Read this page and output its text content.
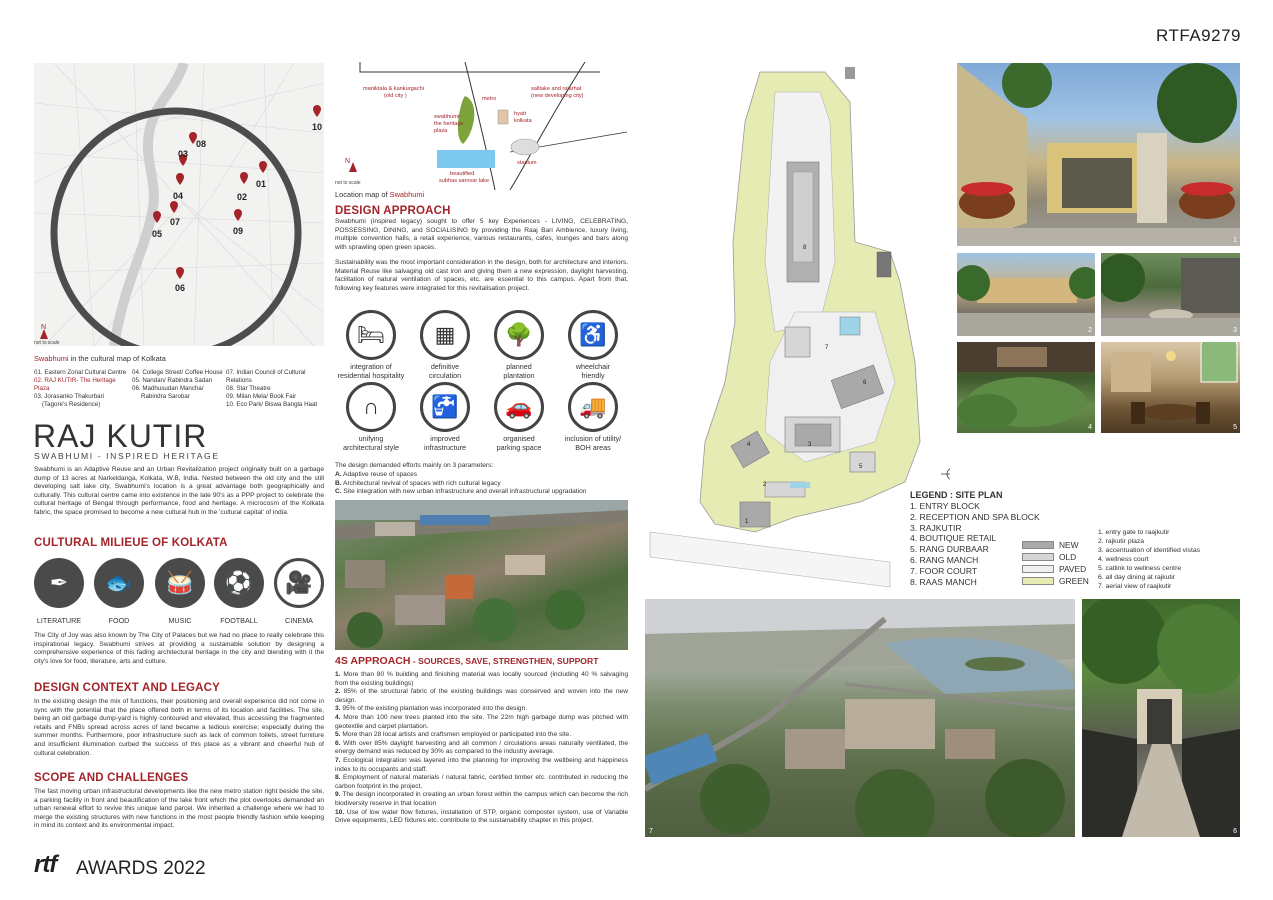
RTFA9279
10
08
03
01
04	02
07
09
05
06
N
not to scale
Swabhumi in the cultural map of Kolkata
01. Eastern Zonal Cultural Centre
02. RAJ KUTIR- The Heritage Plaza
03. Jorasanko Thakurbari
(Tagore's Residence)
04. College Street/ Coffee House
05. Nandan/ Rabindra Sadan
06. Madhusudan Mancha/
Rabindra Sarobar
07. Indian Council of Cultural Relations
08. Star Theatre
09. Milan Mela/ Book Fair
10. Eco Park/ Biswa Bangla Haat
RAJ KUTIR
SWABHUMI - INSPIRED HERITAGE
Swabhumi is an Adaptive Reuse and an Urban Revitalization project originally built on a garbage dump of 13 acres at Narkeldanga, Kolkata, W.B, India. Nested between the old city and the still developing salt lake city, Swabhumi's location is a great advantage both geographically and culturally. This cultural centre came into existence in the late 90's as a PPP project to celebrate the cultural heritage of Bengal through performance, food and heritage. A microcosm of the Kolkata fabric, the space promised to become a new cultural hub in the 'cultural capital' of india.
CULTURAL MILIEUE OF KOLKATA
✒	🐟	🥁	⚽	🎥
LITERATURE	FOOD	MUSIC	FOOTBALL	CINEMA
The City of Joy was also known by The City of Palaces but we had no place to really celebrate this inspirational legacy. Swabhumi strives at providing a sustainable solution by designing a comprehensive experience of this fading architectural heritage in the city and blending with it the city's love for food, literature, arts and culture.
DESIGN CONTEXT AND LEGACY
In the existing design the mix of functions, their positioning and overall experience did not come in sync with the potential that the place offered both in terms of its location and facilities. The site, being an old garbage dump-yard is highly contoured and elevated, thus accessing the fragmented retails and FNBs spread across acres of land became a tedious exercise; especially during the summer months. Furthermore, poor infrastructure such as lack of common toilets, street furniture and insufficient illumination curbed the success of this place as a vibrant and cheerful hub of cultural celebration.
SCOPE AND CHALLENGES
The fast moving urban infrastructural developments like the new metro station right beside the site, a parking facility in front and beautification of the lake front which the plot overlooks demanded an urban renewal effort to revive this unique land parcel. We inherited a challenge where we had to merge the existing structures with new functions in the most people friendly fashion while keeping in mind its context and its environmental impact.
rtf AWARDS 2022
maniktala & kankurgachi
(old city )
saltlake and rajarhat
(new developing city)
metro
hyatt
kolkata
swabhumi-
the heritage
plaza
stadium
beautified
subhas sarovar lake
N
not to scale
Location map of Swabhumi
DESIGN APPROACH
Swabhumi (inspired legacy) sought to offer 5 key Experiences - LIVING, CELEBRATING, POSSESSING, DINING, and SOCIALISING by providing the Raaj Bari Ambience, luxury living, multiple convention halls, a retail experience, various restaurants, cafes, lounges and bars along with sprawling open green spaces.
Sustainability was the most important consideration in the design, both for architecture and interiors. Material Reuse like salvaging old cast iron and giving them a new expression, daylight harvesting, facilitation of natural ventilation of spaces, etc. are essential to this campus. Apart from that, following key features were integrated for this revitalisation project.
🛏	▦	🌳	♿
integration of
residential hospitality
definitive
circulation
planned
plantation
wheelchair
friendly
∩	🚰	🚗	🚚
unifying
architectural style
improved
infrastructure
organised
parking space
inclusion of utility/
BOH areas
The design demanded efforts mainly on 3 parameters:
A. Adaptive reuse of spaces
B. Architectural revival of spaces with rich cultural legacy
C. Site integration with new urban infrastructure and overall infrastructural upgradation
4S APPROACH - SOURCES, SAVE, STRENGTHEN, SUPPORT
1. More than 80 % building and finishing material was locally sourced (including 40 % salvaging from the existing buildings)
2. 85% of the structural fabric of the existing buildings was conserved and woven into the new design.
3. 95% of the existing plantation was incorporated into the design.
4. More than 100 new trees planted into the site. The 22m high garbage dump was pitched with geotextile and carpet plantation.
5. More than 28 local artists and craftsmen employed or participated into the site.
6. With over 85% daylight harvesting and all common / circulations areas naturally ventilated, the energy demand was reduced by 30% as compared to the industry average.
7. Ecological integration was layered into the planning for improving the wellbeing and happiness index to its occupants and staff.
8. Employment of natural materials / natural fabric, certified timber etc. contributed in reducing the carbon footprint in the project.
9. The design incorporated in creating an urban forest within the campus which can become the rich biodiversity reserve in that location
10. Use of low water flow fixtures, installation of STP, organic composter system, use of Variable Drive equipments, LED fixtures etc. contribute to the sustainability chapter in this project.
8
7
6
4	3
2
5
1
LEGEND : SITE PLAN
1. ENTRY BLOCK
2. RECEPTION AND SPA BLOCK
3. RAJKUTIR
4. BOUTIQUE RETAIL
5. RANG DURBAAR
6. RANG MANCH
7. FOOR COURT
8. RAAS MANCH
NEW
OLD
PAVED
GREEN
1. entry gate to raajkutir
2. rajkutir plaza
3. accentuation of identified vistas
4. wellness court
5. catlink to wellness centre
6. all day dining at rajkutir
7. aerial view of raajkutir
1
2	3
4	5
7	6
